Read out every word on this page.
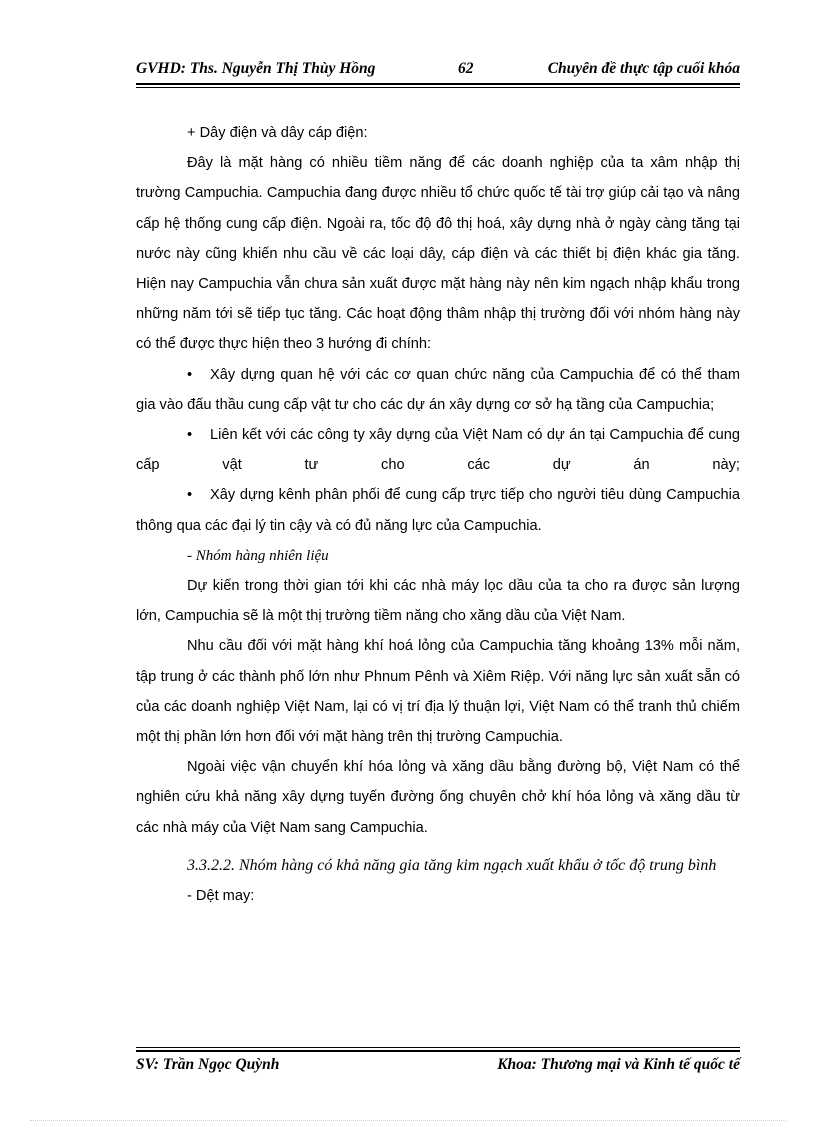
GVHD: Ths. Nguyễn Thị Thùy Hồng	62	Chuyên đề thực tập cuối khóa

+ Dây điện và dây cáp điện:

Đây là mặt hàng có nhiều tiềm năng để các doanh nghiệp của ta xâm nhập thị trường Campuchia. Campuchia đang được nhiều tổ chức quốc tế tài trợ giúp cải tạo và nâng cấp hệ thống cung cấp điện. Ngoài ra, tốc độ đô thị hoá, xây dựng nhà ở ngày càng tăng tại nước này cũng khiến nhu cầu về các loại dây, cáp điện và các thiết bị điện khác gia tăng. Hiện nay Campuchia vẫn chưa sản xuất được mặt hàng này nên kim ngạch nhập khẩu trong những năm tới sẽ tiếp tục tăng. Các hoạt động thâm nhập thị trường đối với nhóm hàng này có thể được thực hiện theo 3 hướng đi chính:

• Xây dựng quan hệ với các cơ quan chức năng của Campuchia để có thể tham gia vào đấu thầu cung cấp vật tư cho các dự án xây dựng cơ sở hạ tầng của Campuchia;

• Liên kết với các công ty xây dựng của Việt Nam có dự án tại Campuchia để cung cấp vật tư cho các dự án này;

• Xây dựng kênh phân phối để cung cấp trực tiếp cho người tiêu dùng Campuchia thông qua các đại lý tin cậy và có đủ năng lực của Campuchia.

- Nhóm hàng nhiên liệu

Dự kiến trong thời gian tới khi các nhà máy lọc dầu của ta cho ra được sản lượng lớn, Campuchia sẽ là một thị trường tiềm năng cho xăng dầu của Việt Nam.

Nhu cầu đối với mặt hàng khí hoá lỏng của Campuchia tăng khoảng 13% mỗi năm, tập trung ở các thành phố lớn như Phnum Pênh và Xiêm Riệp. Với năng lực sản xuất sẵn có của các doanh nghiệp Việt Nam, lại có vị trí địa lý thuận lợi, Việt Nam có thể tranh thủ chiếm một thị phần lớn hơn đối với mặt hàng trên thị trường Campuchia.

Ngoài việc vận chuyển khí hóa lỏng và xăng dầu bằng đường bộ, Việt Nam có thể nghiên cứu khả năng xây dựng tuyến đường ống chuyên chở khí hóa lỏng và xăng dầu từ các nhà máy của Việt Nam sang Campuchia.

3.3.2.2. Nhóm hàng có khả năng gia tăng kim ngạch xuất khẩu ở tốc độ trung bình

- Dệt may:

SV: Trần Ngọc Quỳnh	Khoa: Thương mại và Kinh tế quốc tế
